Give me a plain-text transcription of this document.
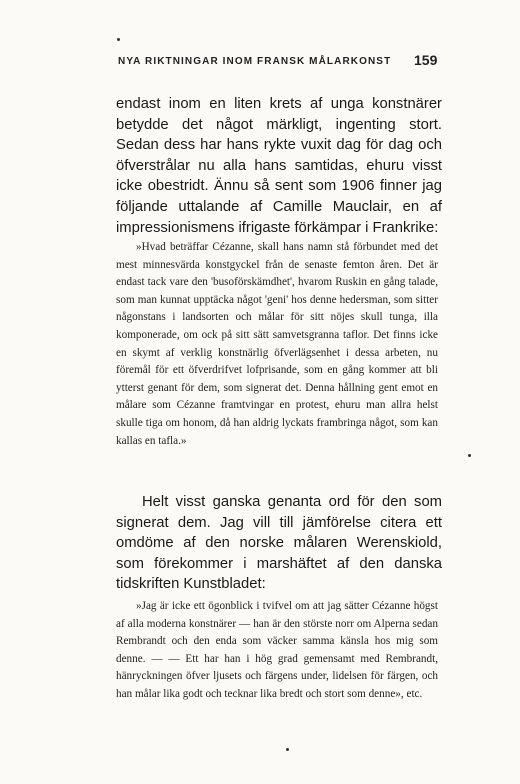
NYA RIKTNINGAR INOM FRANSK MÅLARKONST 159

endast inom en liten krets af unga konstnärer betydde det något märkligt, ingenting stort. Sedan dess har hans rykte vuxit dag för dag och öfverstrålar nu alla hans samtidas, ehuru visst icke obestridt. Ännu så sent som 1906 finner jag följande uttalande af Camille Mauclair, en af impressionismens ifrigaste förkämpar i Frankrike:

»Hvad beträffar Cézanne, skall hans namn stå förbundet med det mest minnesvärda konstgyckel från de senaste femton åren. Det är endast tack vare den 'busoförskämdhet', hvarom Ruskin en gång talade, som man kunnat upptäcka något 'geni' hos denne hedersman, som sitter någonstans i landsorten och målar för sitt nöjes skull tunga, illa komponerade, om ock på sitt sätt samvetsgranna taflor. Det finns icke en skymt af verklig konstnärlig öfverlägsenhet i dessa arbeten, nu föremål för ett öfverdrifvet lofprisande, som en gång kommer att bli ytterst genant för dem, som signerat det. Denna hållning gent emot en målare som Cézanne framtvingar en protest, ehuru man allra helst skulle tiga om honom, då han aldrig lyckats frambringa något, som kan kallas en tafla.»

Helt visst ganska genanta ord för den som signerat dem. Jag vill till jämförelse citera ett omdöme af den norske målaren Werenskiold, som förekommer i marshäftet af den danska tidskriften Kunstbladet:

»Jag är icke ett ögonblick i tvifvel om att jag sätter Cézanne högst af alla moderna konstnärer — han är den störste norr om Alperna sedan Rembrandt och den enda som väcker samma känsla hos mig som denne. — — Ett har han i hög grad gemensamt med Rembrandt, hänryckningen öfver ljusets och färgens under, lidelsen för färgen, och han målar lika godt och tecknar lika bredt och stort som denne», etc.
